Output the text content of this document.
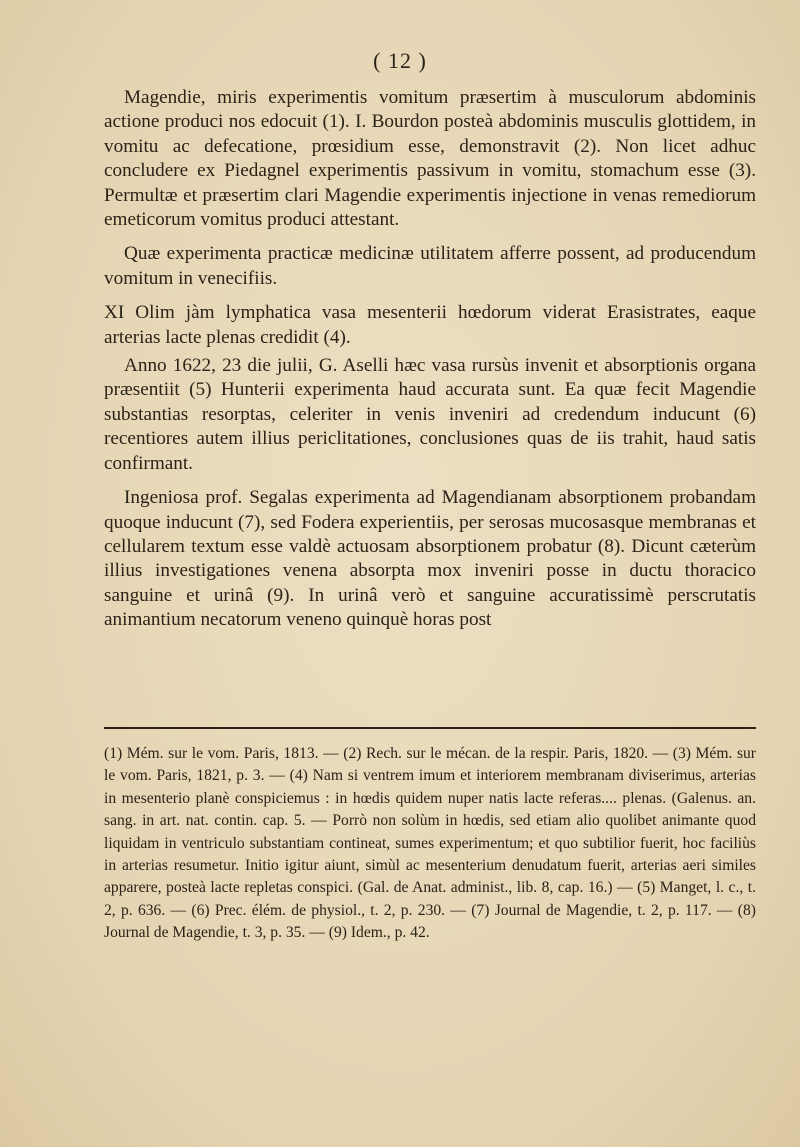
( 12 )

Magendie, miris experimentis vomitum præsertim à musculorum abdominis actione produci nos edocuit (1). I. Bourdon posteà abdominis musculis glottidem, in vomitu ac defecatione, prœsidium esse, demonstravit (2). Non licet adhuc concludere ex Piedagnel experimentis passivum in vomitu, stomachum esse (3). Permultæ et præsertim clari Magendie experimentis injectione in venas remediorum emeticorum vomitus produci attestant.

Quæ experimenta practicæ medicinæ utilitatem afferre possent, ad producendum vomitum in venecifiis.

XI Olim jàm lymphatica vasa mesenterii hœdorum viderat Erasistrates, eaque arterias lacte plenas credidit (4).

Anno 1622, 23 die julii, G. Aselli hæc vasa rursùs invenit et absorptionis organa præsentiit (5) Hunterii experimenta haud accurata sunt. Ea quæ fecit Magendie substantias resorptas, celeriter in venis inveniri ad credendum inducunt (6) recentiores autem illius periclitationes, conclusiones quas de iis trahit, haud satis confirmant.

Ingeniosa prof. Segalas experimenta ad Magendianam absorptionem probandam quoque inducunt (7), sed Fodera experientiis, per serosas mucosasque membranas et cellularem textum esse valdè actuosam absorptionem probatur (8). Dicunt cæterùm illius investigationes venena absorpta mox inveniri posse in ductu thoracico sanguine et urinâ (9). In urinâ verò et sanguine accuratissimè perscrutatis animantium necatorum veneno quinquè horas post

(1) Mém. sur le vom. Paris, 1813. — (2) Rech. sur le mécan. de la respir. Paris, 1820. — (3) Mém. sur le vom. Paris, 1821, p. 3. — (4) Nam si ventrem imum et interiorem membranam diviserimus, arterias in mesenterio planè conspiciemus : in hœdis quidem nuper natis lacte referas.... plenas. (Galenus. an. sang. in art. nat. contin. cap. 5. — Porrò non solùm in hœdis, sed etiam alio quolibet animante quod liquidam in ventriculo substantiam contineat, sumes experimentum; et quo subtilior fuerit, hoc faciliùs in arterias resumetur. Initio igitur aiunt, simùl ac mesenterium denudatum fuerit, arterias aeri similes apparere, posteà lacte repletas conspici. (Gal. de Anat. administ., lib. 8, cap. 16.) — (5) Manget, l. c., t. 2, p. 636. — (6) Prec. élém. de physiol., t. 2, p. 230. — (7) Journal de Magendie, t. 2, p. 117. — (8) Journal de Magendie, t. 3, p. 35. — (9) Idem., p. 42.
